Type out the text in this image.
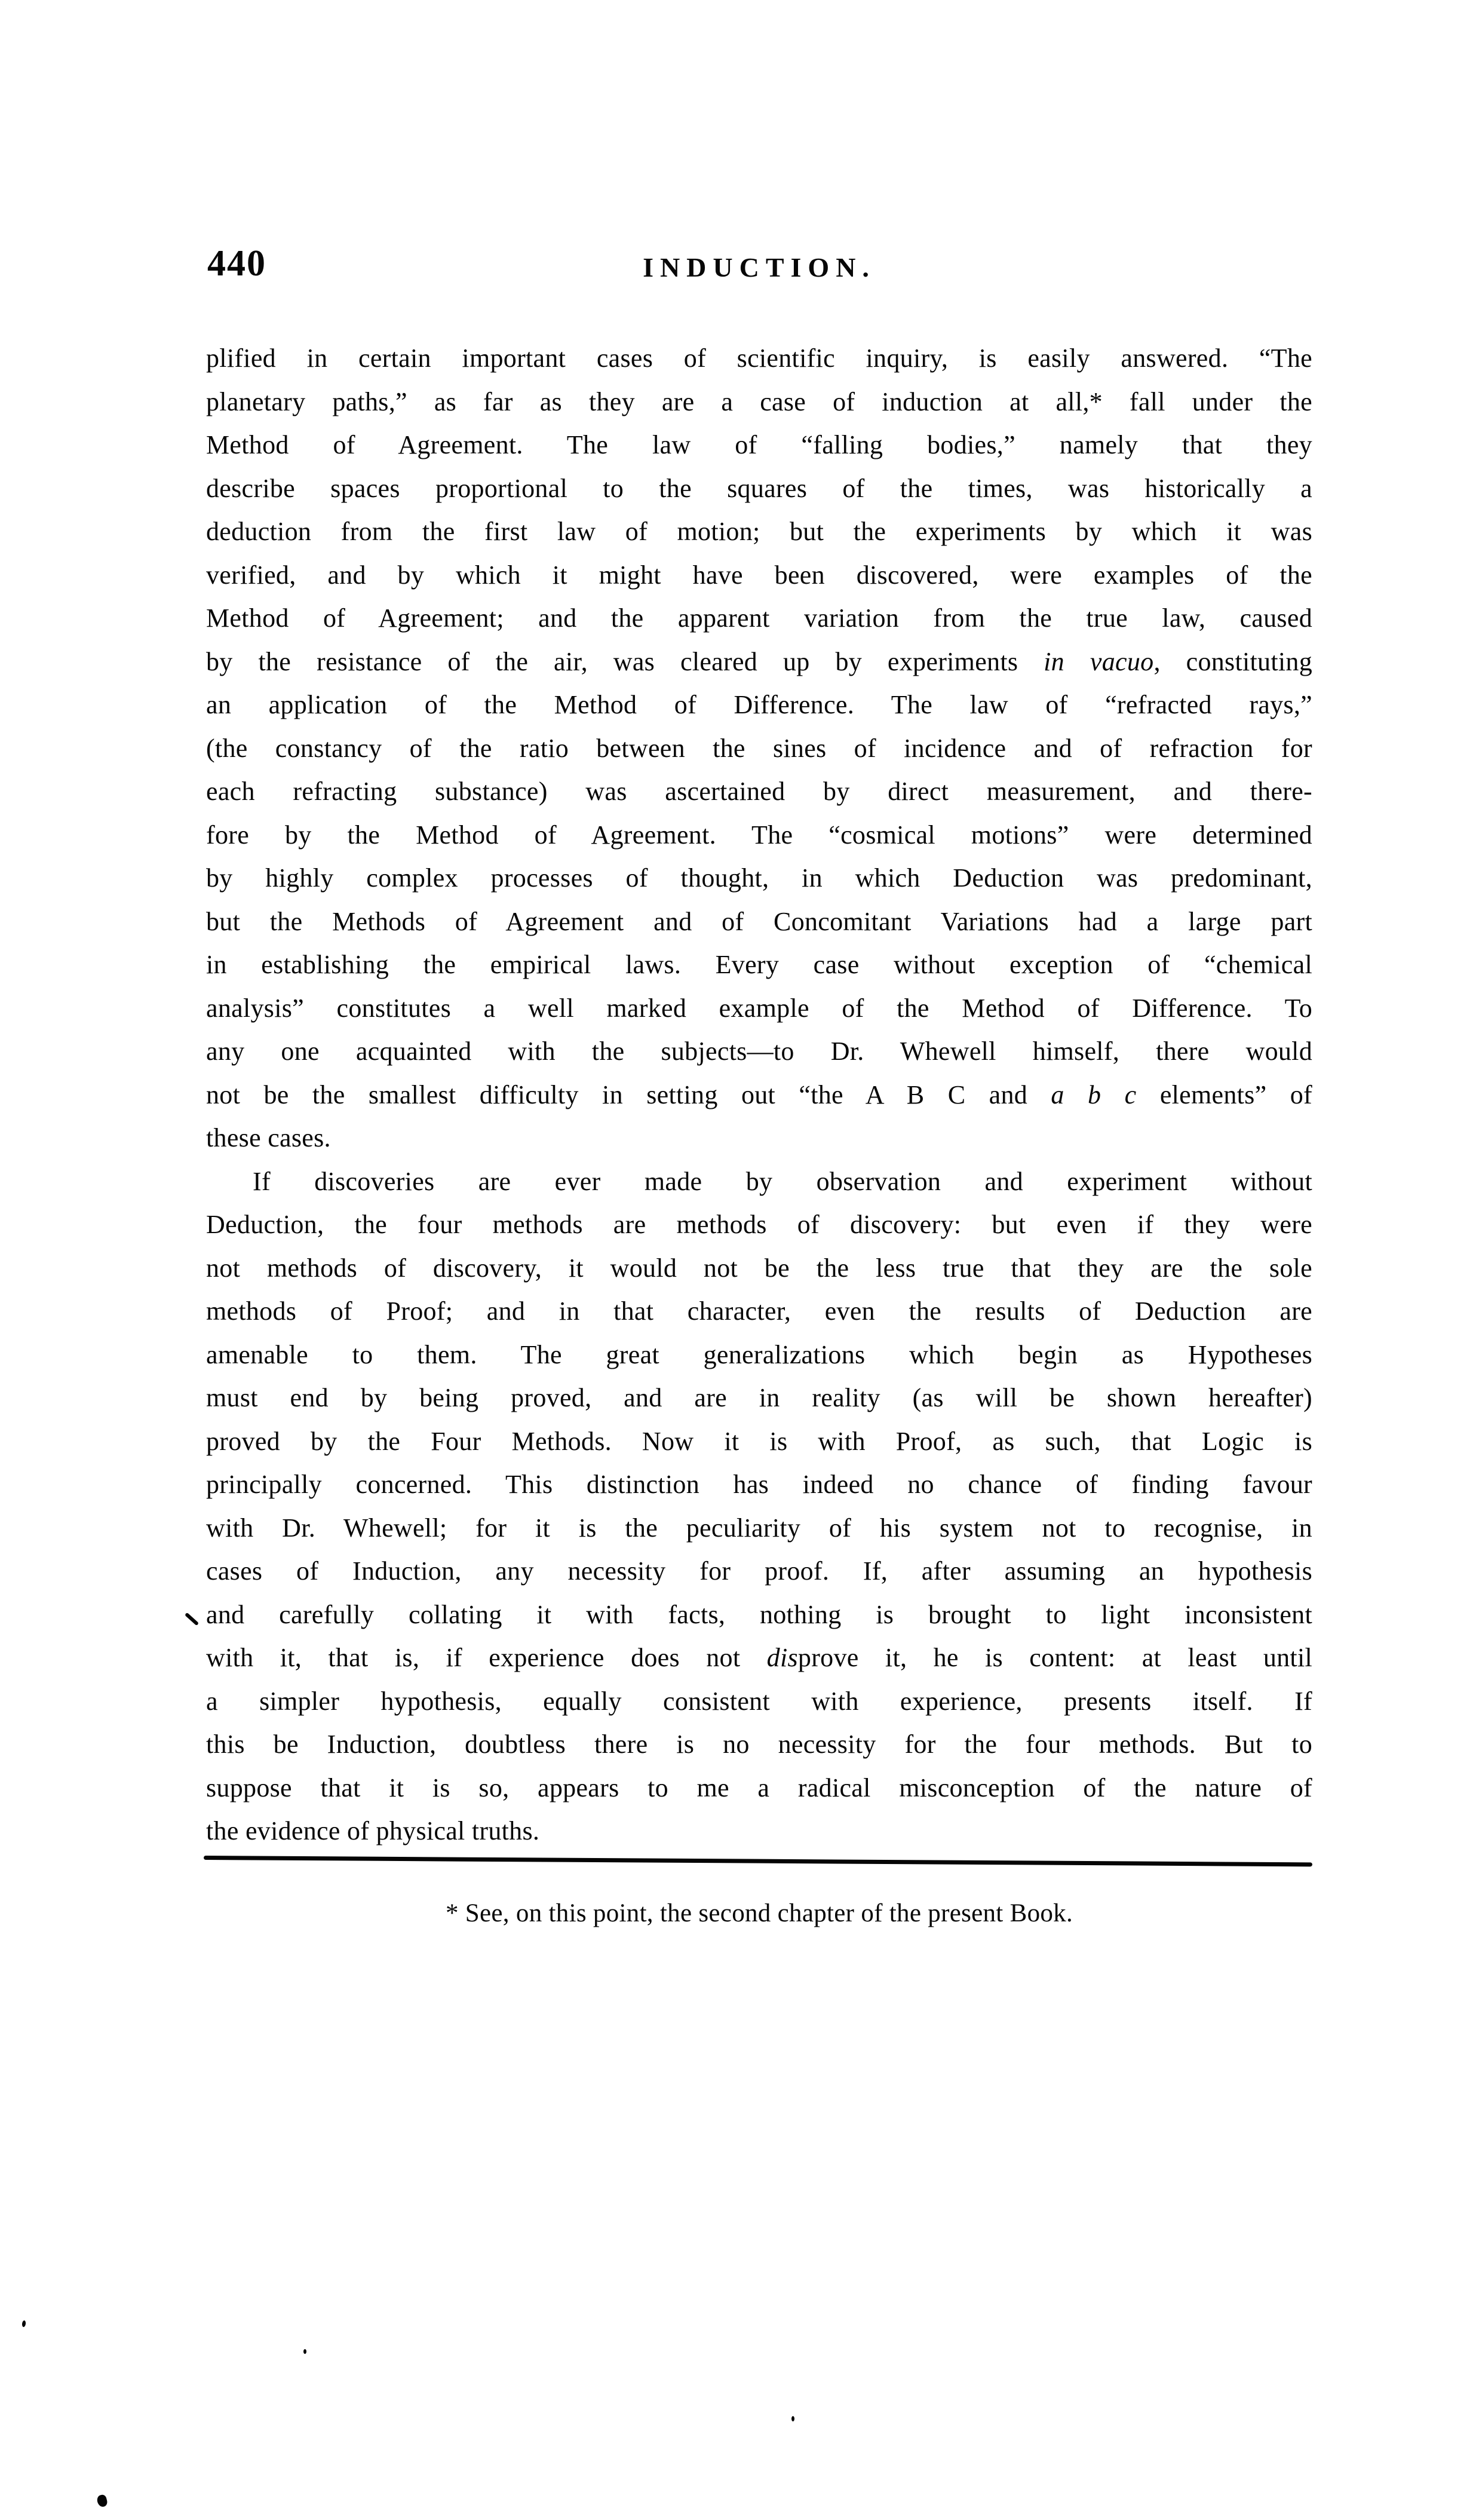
440	INDUCTION.
plified in certain important cases of scientific inquiry, is easily answered. “The
planetary paths,” as far as they are a case of induction at all,* fall under the
Method of Agreement. The law of “falling bodies,” namely that they
describe spaces proportional to the squares of the times, was historically a
deduction from the first law of motion; but the experiments by which it was
verified, and by which it might have been discovered, were examples of the
Method of Agreement; and the apparent variation from the true law, caused
by the resistance of the air, was cleared up by experiments in vacuo, constituting
an application of the Method of Difference. The law of “refracted rays,”
(the constancy of the ratio between the sines of incidence and of refraction for
each refracting substance) was ascertained by direct measurement, and there-
fore by the Method of Agreement. The “cosmical motions” were determined
by highly complex processes of thought, in which Deduction was predominant,
but the Methods of Agreement and of Concomitant Variations had a large part
in establishing the empirical laws. Every case without exception of “chemical
analysis” constitutes a well marked example of the Method of Difference. To
any one acquainted with the subjects—to Dr. Whewell himself, there would
not be the smallest difficulty in setting out “the A B C and a b c elements” of
these cases.
If discoveries are ever made by observation and experiment without
Deduction, the four methods are methods of discovery: but even if they were
not methods of discovery, it would not be the less true that they are the sole
methods of Proof; and in that character, even the results of Deduction are
amenable to them. The great generalizations which begin as Hypotheses
must end by being proved, and are in reality (as will be shown hereafter)
proved by the Four Methods. Now it is with Proof, as such, that Logic is
principally concerned. This distinction has indeed no chance of finding favour
with Dr. Whewell; for it is the peculiarity of his system not to recognise, in
cases of Induction, any necessity for proof. If, after assuming an hypothesis
and carefully collating it with facts, nothing is brought to light inconsistent
with it, that is, if experience does not disprove it, he is content: at least until
a simpler hypothesis, equally consistent with experience, presents itself. If
this be Induction, doubtless there is no necessity for the four methods. But to
suppose that it is so, appears to me a radical misconception of the nature of
the evidence of physical truths.
* See, on this point, the second chapter of the present Book.
